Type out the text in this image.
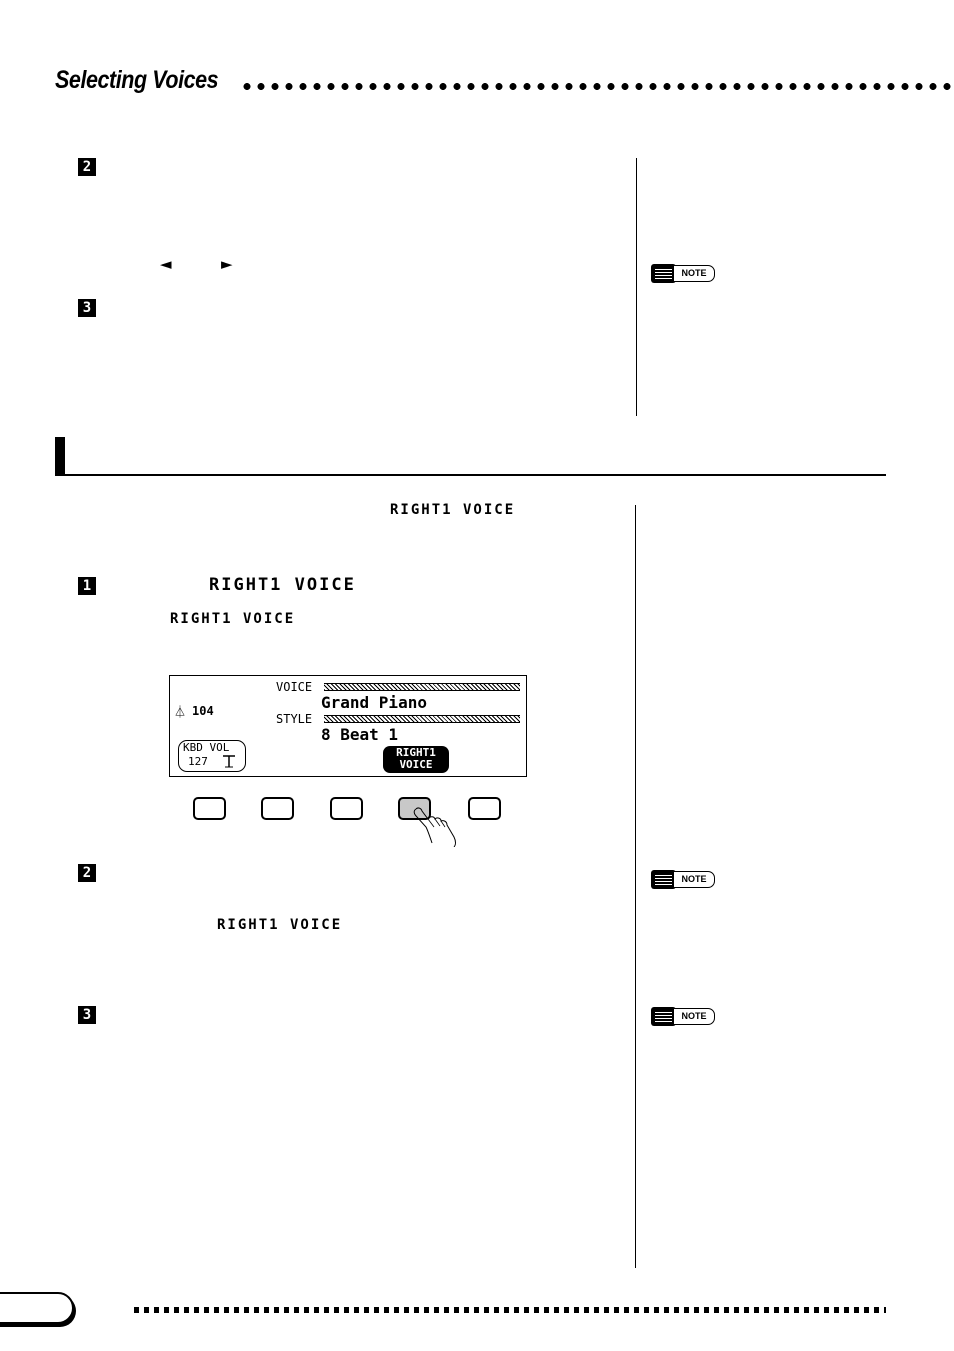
Selecting Voices
2
◄	►
3
NOTE
RIGHT1 VOICE
1	RIGHT1 VOICE
RIGHT1 VOICE
⏃ 104
VOICE
Grand Piano
STYLE
8 Beat 1
KBD VOL
127
RIGHT1
VOICE
2
RIGHT1 VOICE
NOTE
3	NOTE
